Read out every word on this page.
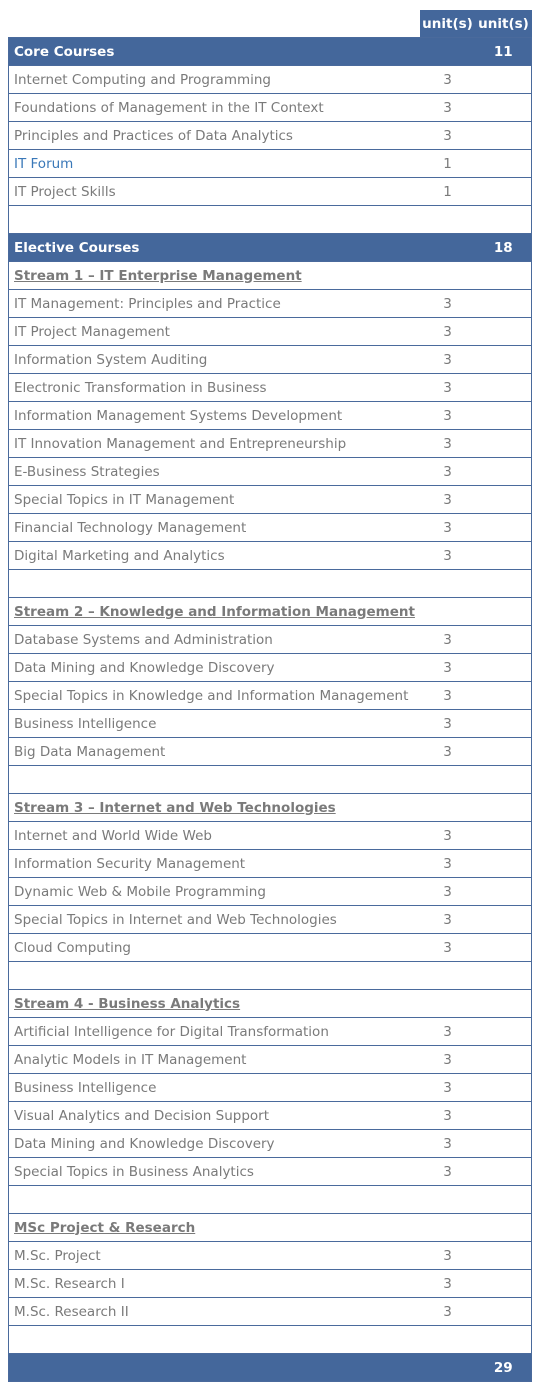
	unit(s)	unit(s)
Core Courses		11
Internet Computing and Programming	3	
Foundations of Management in the IT Context	3	
Principles and Practices of Data Analytics	3	
IT Forum	1	
IT Project Skills	1	

Elective Courses		18
Stream 1 – IT Enterprise Management		
IT Management: Principles and Practice	3	
IT Project Management	3	
Information System Auditing	3	
Electronic Transformation in Business	3	
Information Management Systems Development	3	
IT Innovation Management and Entrepreneurship	3	
E-Business Strategies	3	
Special Topics in IT Management	3	
Financial Technology Management	3	
Digital Marketing and Analytics	3	

Stream 2 – Knowledge and Information Management		
Database Systems and Administration	3	
Data Mining and Knowledge Discovery	3	
Special Topics in Knowledge and Information Management	3	
Business Intelligence	3	
Big Data Management	3	

Stream 3 – Internet and Web Technologies		
Internet and World Wide Web	3	
Information Security Management	3	
Dynamic Web & Mobile Programming	3	
Special Topics in Internet and Web Technologies	3	
Cloud Computing	3	

Stream 4 - Business Analytics		
Artificial Intelligence for Digital Transformation	3	
Analytic Models in IT Management	3	
Business Intelligence	3	
Visual Analytics and Decision Support	3	
Data Mining and Knowledge Discovery	3	
Special Topics in Business Analytics	3	

MSc Project & Research		
M.Sc. Project	3	
M.Sc. Research I	3	
M.Sc. Research II	3	

		29
